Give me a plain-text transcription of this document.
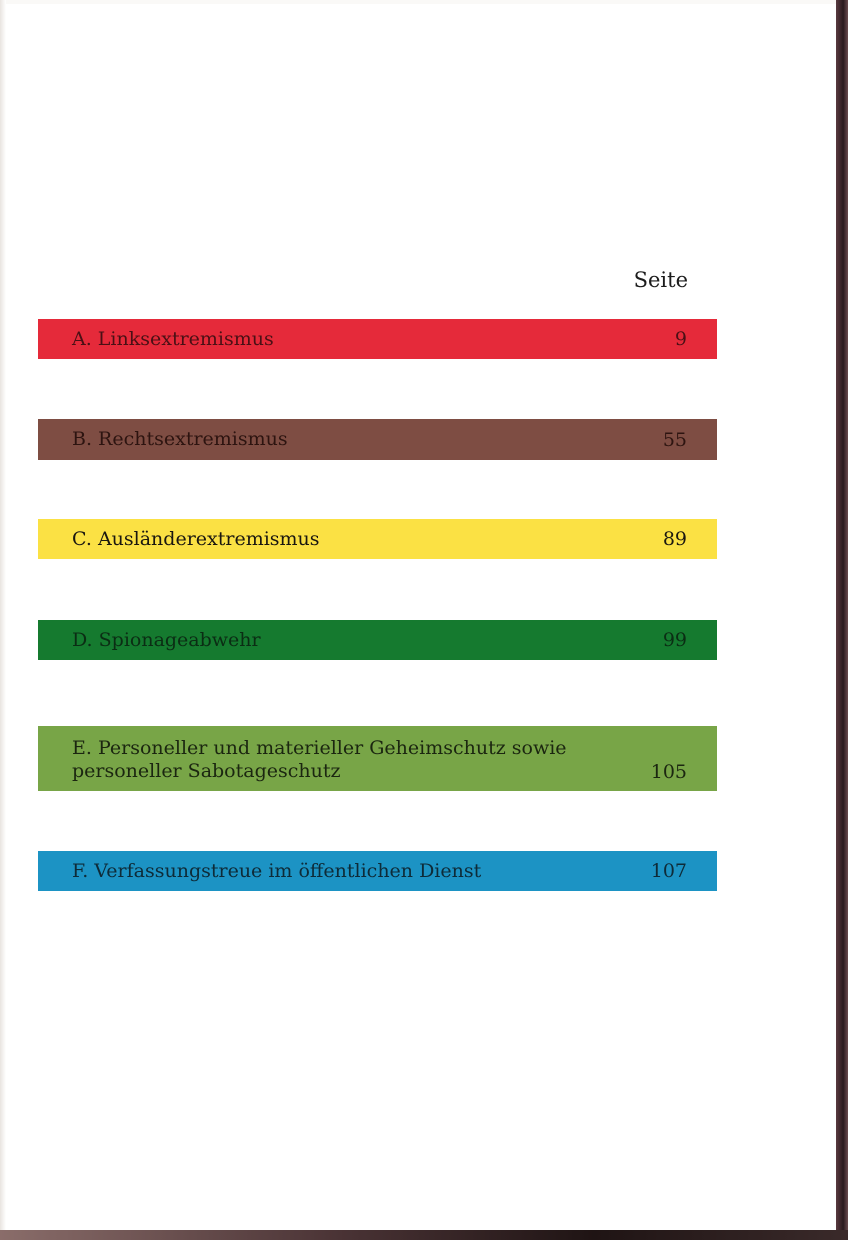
Seite
A. Linksextremismus	9
B. Rechtsextremismus	55
C. Ausländerextremismus	89
D. Spionageabwehr	99
E. Personeller und materieller Geheimschutz sowie
personeller Sabotageschutz	105
F. Verfassungstreue im öffentlichen Dienst	107
